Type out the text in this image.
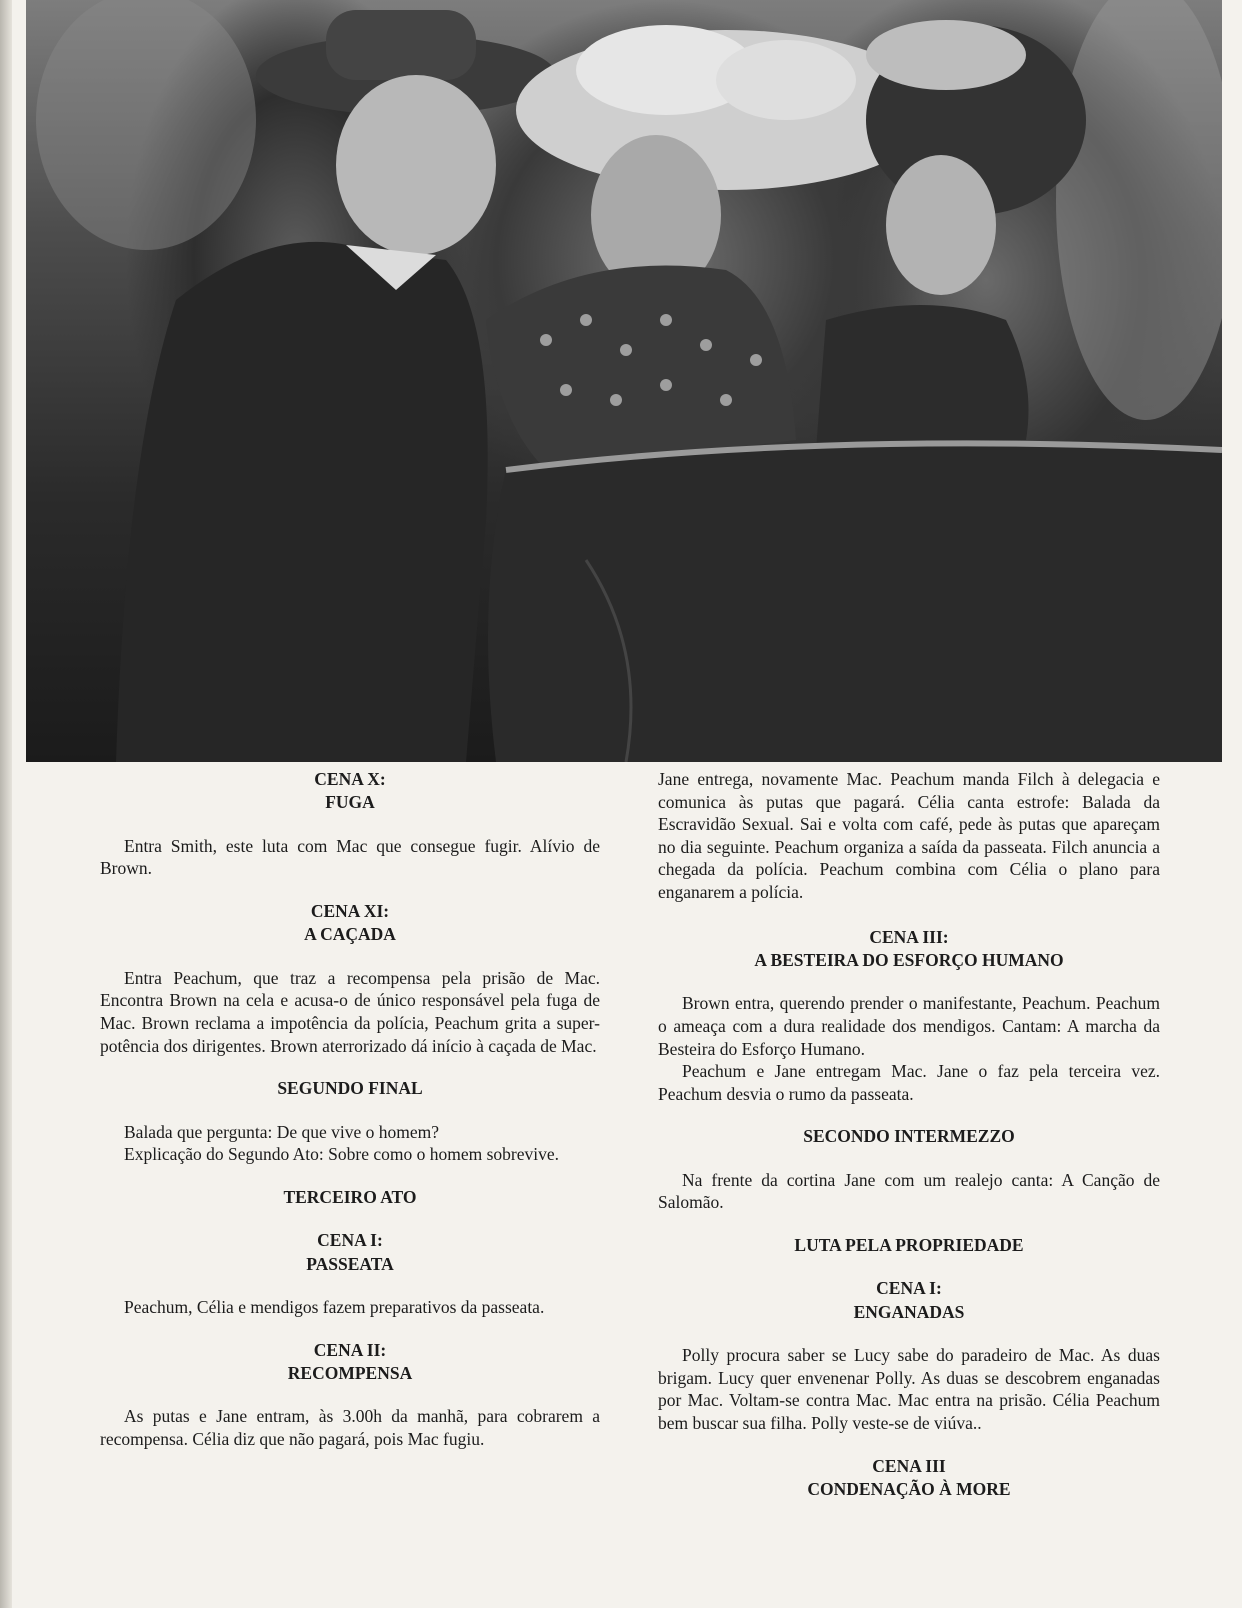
CENA X:
FUGA

Entra Smith, este luta com Mac que consegue fugir. Alívio de Brown.

CENA XI:
A CAÇADA

Entra Peachum, que traz a recompensa pela prisão de Mac. Encontra Brown na cela e acusa-o de único responsável pela fuga de Mac. Brown reclama a impotência da polícia, Peachum grita a super-potência dos dirigentes. Brown aterrorizado dá início à caçada de Mac.

SEGUNDO FINAL

Balada que pergunta: De que vive o homem?

Explicação do Segundo Ato: Sobre como o homem sobrevive.

TERCEIRO ATO
CENA I:
PASSEATA

Peachum, Célia e mendigos fazem preparativos da passeata.

CENA II:
RECOMPENSA

As putas e Jane entram, às 3.00h da manhã, para cobrarem a recompensa. Célia diz que não pagará, pois Mac fugiu.

Jane entrega, novamente Mac. Peachum manda Filch à delegacia e comunica às putas que pagará. Célia canta estrofe: Balada da Escravidão Sexual. Sai e volta com café, pede às putas que apareçam no dia seguinte. Peachum organiza a saída da passeata. Filch anuncia a chegada da polícia. Peachum combina com Célia o plano para enganarem a polícia.

CENA III:
A BESTEIRA DO ESFORÇO HUMANO

Brown entra, querendo prender o manifestante, Peachum. Peachum o ameaça com a dura realidade dos mendigos. Cantam: A marcha da Besteira do Esforço Humano.

Peachum e Jane entregam Mac. Jane o faz pela terceira vez. Peachum desvia o rumo da passeata.

SECONDO INTERMEZZO

Na frente da cortina Jane com um realejo canta: A Canção de Salomão.

LUTA PELA PROPRIEDADE
CENA I:
ENGANADAS

Polly procura saber se Lucy sabe do paradeiro de Mac. As duas brigam. Lucy quer envenenar Polly. As duas se descobrem enganadas por Mac. Voltam-se contra Mac. Mac entra na prisão. Célia Peachum bem buscar sua filha. Polly veste-se de viúva..

CENA III
CONDENAÇÃO À MORE
